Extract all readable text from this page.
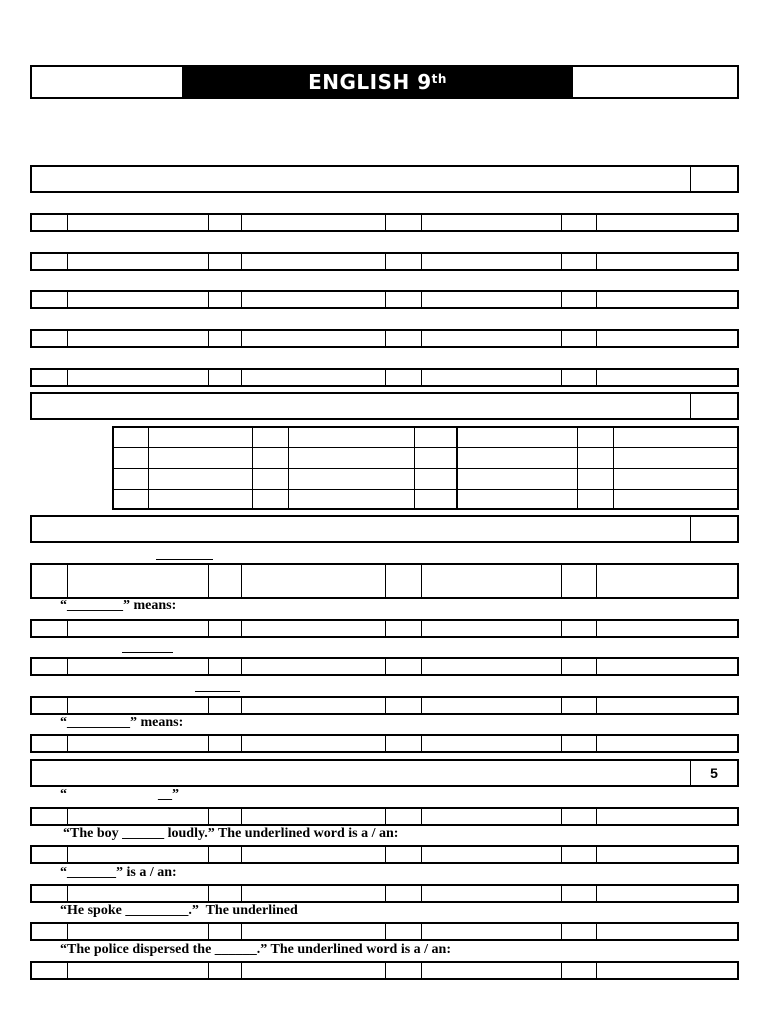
ENGLISH 9th
“________” means:
“_________” means:
5
“                          __”
“The boy ______ loudly.” The underlined word is a / an:
“_______” is a / an:
“He spoke _________.”  The underlined
“The police dispersed the ______.” The underlined word is a / an:
